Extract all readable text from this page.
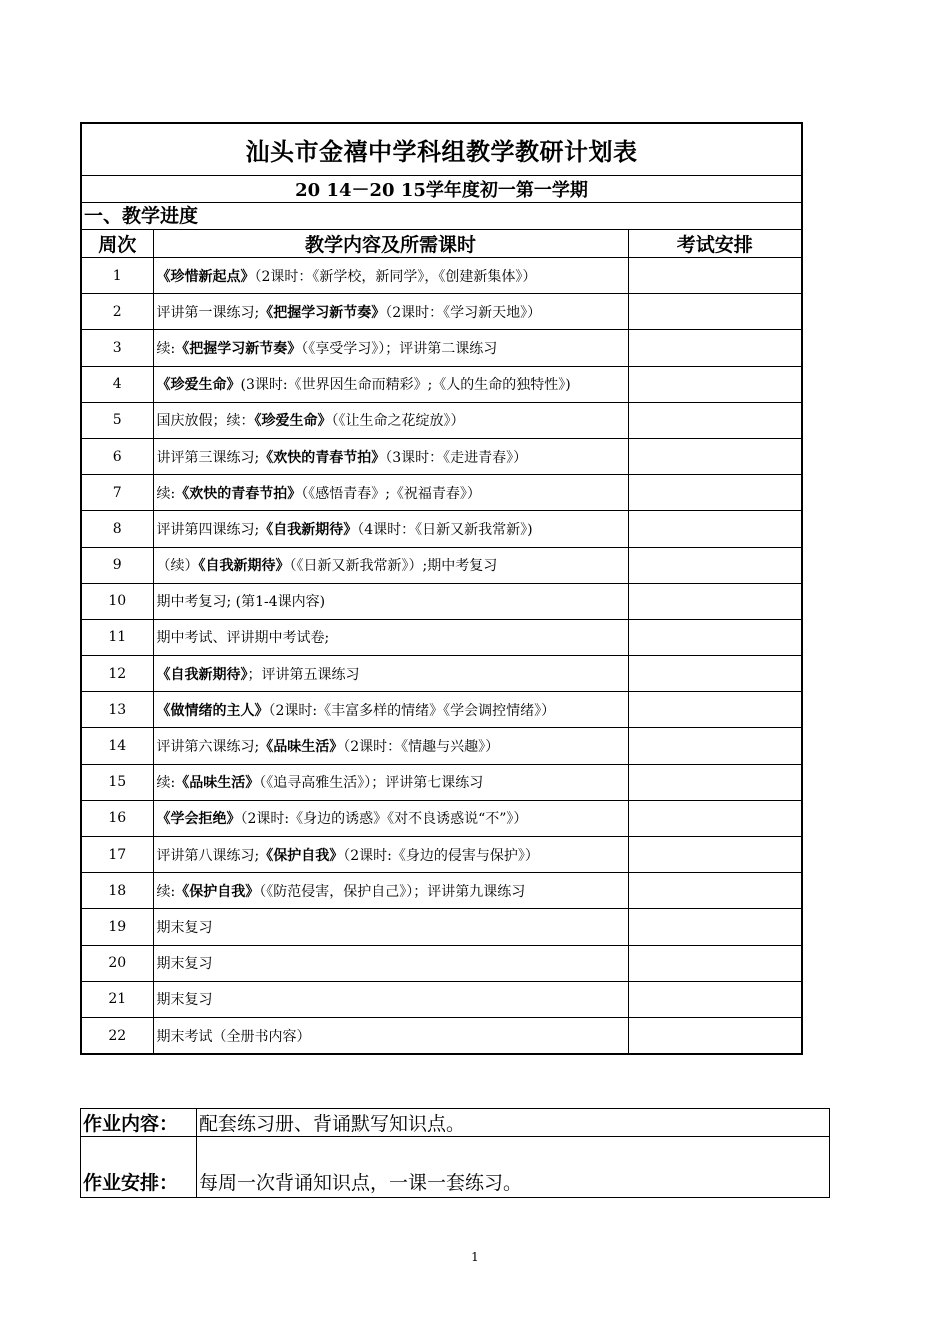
汕头市金禧中学科组教学教研计划表		
20 14－20 15学年度初一第一学期		
一、教学进度		
周次	教学内容及所需课时	考试安排
1	《珍惜新起点》（2课时：《新学校，新同学》，《创建新集体》）	
2	评讲第一课练习;《把握学习新节奏》（2课时：《学习新天地》）	
3	续:《把握学习新节奏》（《享受学习》）；评讲第二课练习	
4	《珍爱生命》(3课时:《世界因生命而精彩》;《人的生命的独特性》)	
5	国庆放假；续：《珍爱生命》（《让生命之花绽放》）	
6	讲评第三课练习;《欢快的青春节拍》（3课时：《走进青春》）	
7	续:《欢快的青春节拍》（《感悟青春》;《祝福青春》）	
8	评讲第四课练习;《自我新期待》（4课时：《日新又新我常新》)	
9	（续）《自我新期待》（《日新又新我常新》）;期中考复习	
10	期中考复习; (第1-4课内容)	
11	期中考试、评讲期中考试卷;	
12	《自我新期待》；评讲第五课练习	
13	《做情绪的主人》（2课时:《丰富多样的情绪》《学会调控情绪》）	
14	评讲第六课练习;《品味生活》（2课时：《情趣与兴趣》）	
15	续:《品味生活》（《追寻高雅生活》）；评讲第七课练习	
16	《学会拒绝》（2课时:《身边的诱惑》《对不良诱惑说“不”》）	
17	评讲第八课练习;《保护自我》（2课时:《身边的侵害与保护》）	
18	续:《保护自我》（《防范侵害，保护自己》）；评讲第九课练习	
19	期末复习	
20	期末复习	
21	期末复习	
22	期末考试（全册书内容）	
作业内容：	配套练习册、背诵默写知识点。
作业安排：	每周一次背诵知识点，一课一套练习。
1
